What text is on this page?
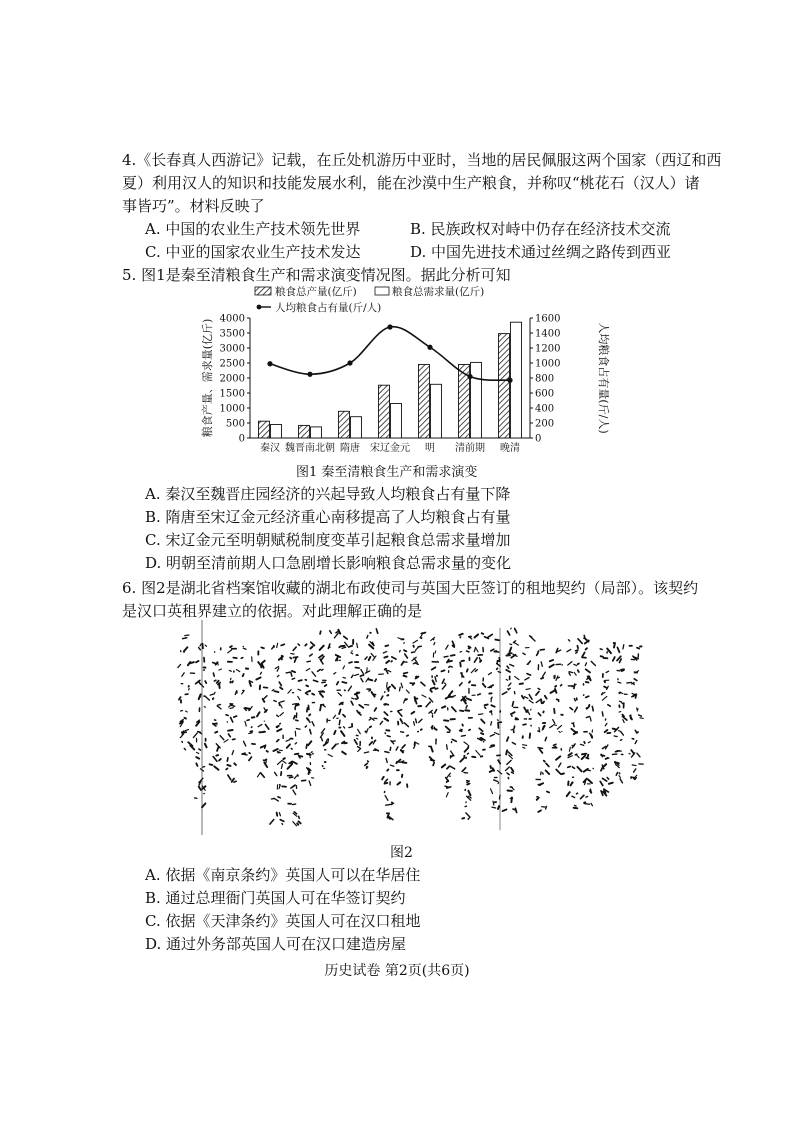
4.《长春真人西游记》记载，在丘处机游历中亚时，当地的居民佩服这两个国家（西辽和西
夏）利用汉人的知识和技能发展水利，能在沙漠中生产粮食，并称叹“桃花石（汉人）诸
事皆巧”。材料反映了
A. 中国的农业生产技术领先世界	B. 民族政权对峙中仍存在经济技术交流
C. 中亚的国家农业生产技术发达	D. 中国先进技术通过丝绸之路传到西亚
5. 图1是秦至清粮食生产和需求演变情况图。据此分析可知
粮食总产量(亿斤)	粮食总需求量(亿斤)
人均粮食占有量(斤/人)
0
500
1000
1500
2000
2500
3000
3500
4000
0
200
400
600
800
1000
1200
1400
1600
粮食产量、需求量(亿斤)	人均粮食占有量(斤/人)
秦汉 魏晋南北朝 隋唐 宋辽金元 明 清前期 晚清
图1 秦至清粮食生产和需求演变
A. 秦汉至魏晋庄园经济的兴起导致人均粮食占有量下降
B. 隋唐至宋辽金元经济重心南移提高了人均粮食占有量
C. 宋辽金元至明朝赋税制度变革引起粮食总需求量增加
D. 明朝至清前期人口急剧增长影响粮食总需求量的变化
6. 图2是湖北省档案馆收藏的湖北布政使司与英国大臣签订的租地契约（局部）。该契约
是汉口英租界建立的依据。对此理解正确的是
图2
A. 依据《南京条约》英国人可以在华居住
B. 通过总理衙门英国人可在华签订契约
C. 依据《天津条约》英国人可在汉口租地
D. 通过外务部英国人可在汉口建造房屋
历史试卷 第2页(共6页)
